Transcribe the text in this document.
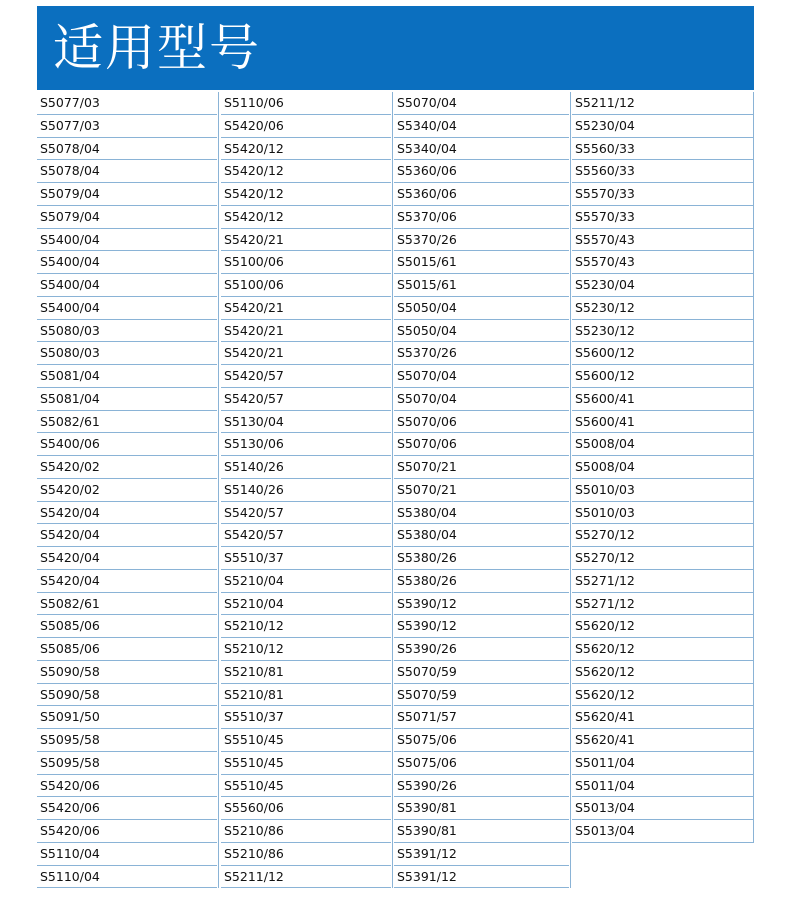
适用型号
S5077/03
S5077/03
S5078/04
S5078/04
S5079/04
S5079/04
S5400/04
S5400/04
S5400/04
S5400/04
S5080/03
S5080/03
S5081/04
S5081/04
S5082/61
S5400/06
S5420/02
S5420/02
S5420/04
S5420/04
S5420/04
S5420/04
S5082/61
S5085/06
S5085/06
S5090/58
S5090/58
S5091/50
S5095/58
S5095/58
S5420/06
S5420/06
S5420/06
S5110/04
S5110/04
S5110/06
S5420/06
S5420/12
S5420/12
S5420/12
S5420/12
S5420/21
S5100/06
S5100/06
S5420/21
S5420/21
S5420/21
S5420/57
S5420/57
S5130/04
S5130/06
S5140/26
S5140/26
S5420/57
S5420/57
S5510/37
S5210/04
S5210/04
S5210/12
S5210/12
S5210/81
S5210/81
S5510/37
S5510/45
S5510/45
S5510/45
S5560/06
S5210/86
S5210/86
S5211/12
S5070/04
S5340/04
S5340/04
S5360/06
S5360/06
S5370/06
S5370/26
S5015/61
S5015/61
S5050/04
S5050/04
S5370/26
S5070/04
S5070/04
S5070/06
S5070/06
S5070/21
S5070/21
S5380/04
S5380/04
S5380/26
S5380/26
S5390/12
S5390/12
S5390/26
S5070/59
S5070/59
S5071/57
S5075/06
S5075/06
S5390/26
S5390/81
S5390/81
S5391/12
S5391/12
S5211/12
S5230/04
S5560/33
S5560/33
S5570/33
S5570/33
S5570/43
S5570/43
S5230/04
S5230/12
S5230/12
S5600/12
S5600/12
S5600/41
S5600/41
S5008/04
S5008/04
S5010/03
S5010/03
S5270/12
S5270/12
S5271/12
S5271/12
S5620/12
S5620/12
S5620/12
S5620/12
S5620/41
S5620/41
S5011/04
S5011/04
S5013/04
S5013/04
